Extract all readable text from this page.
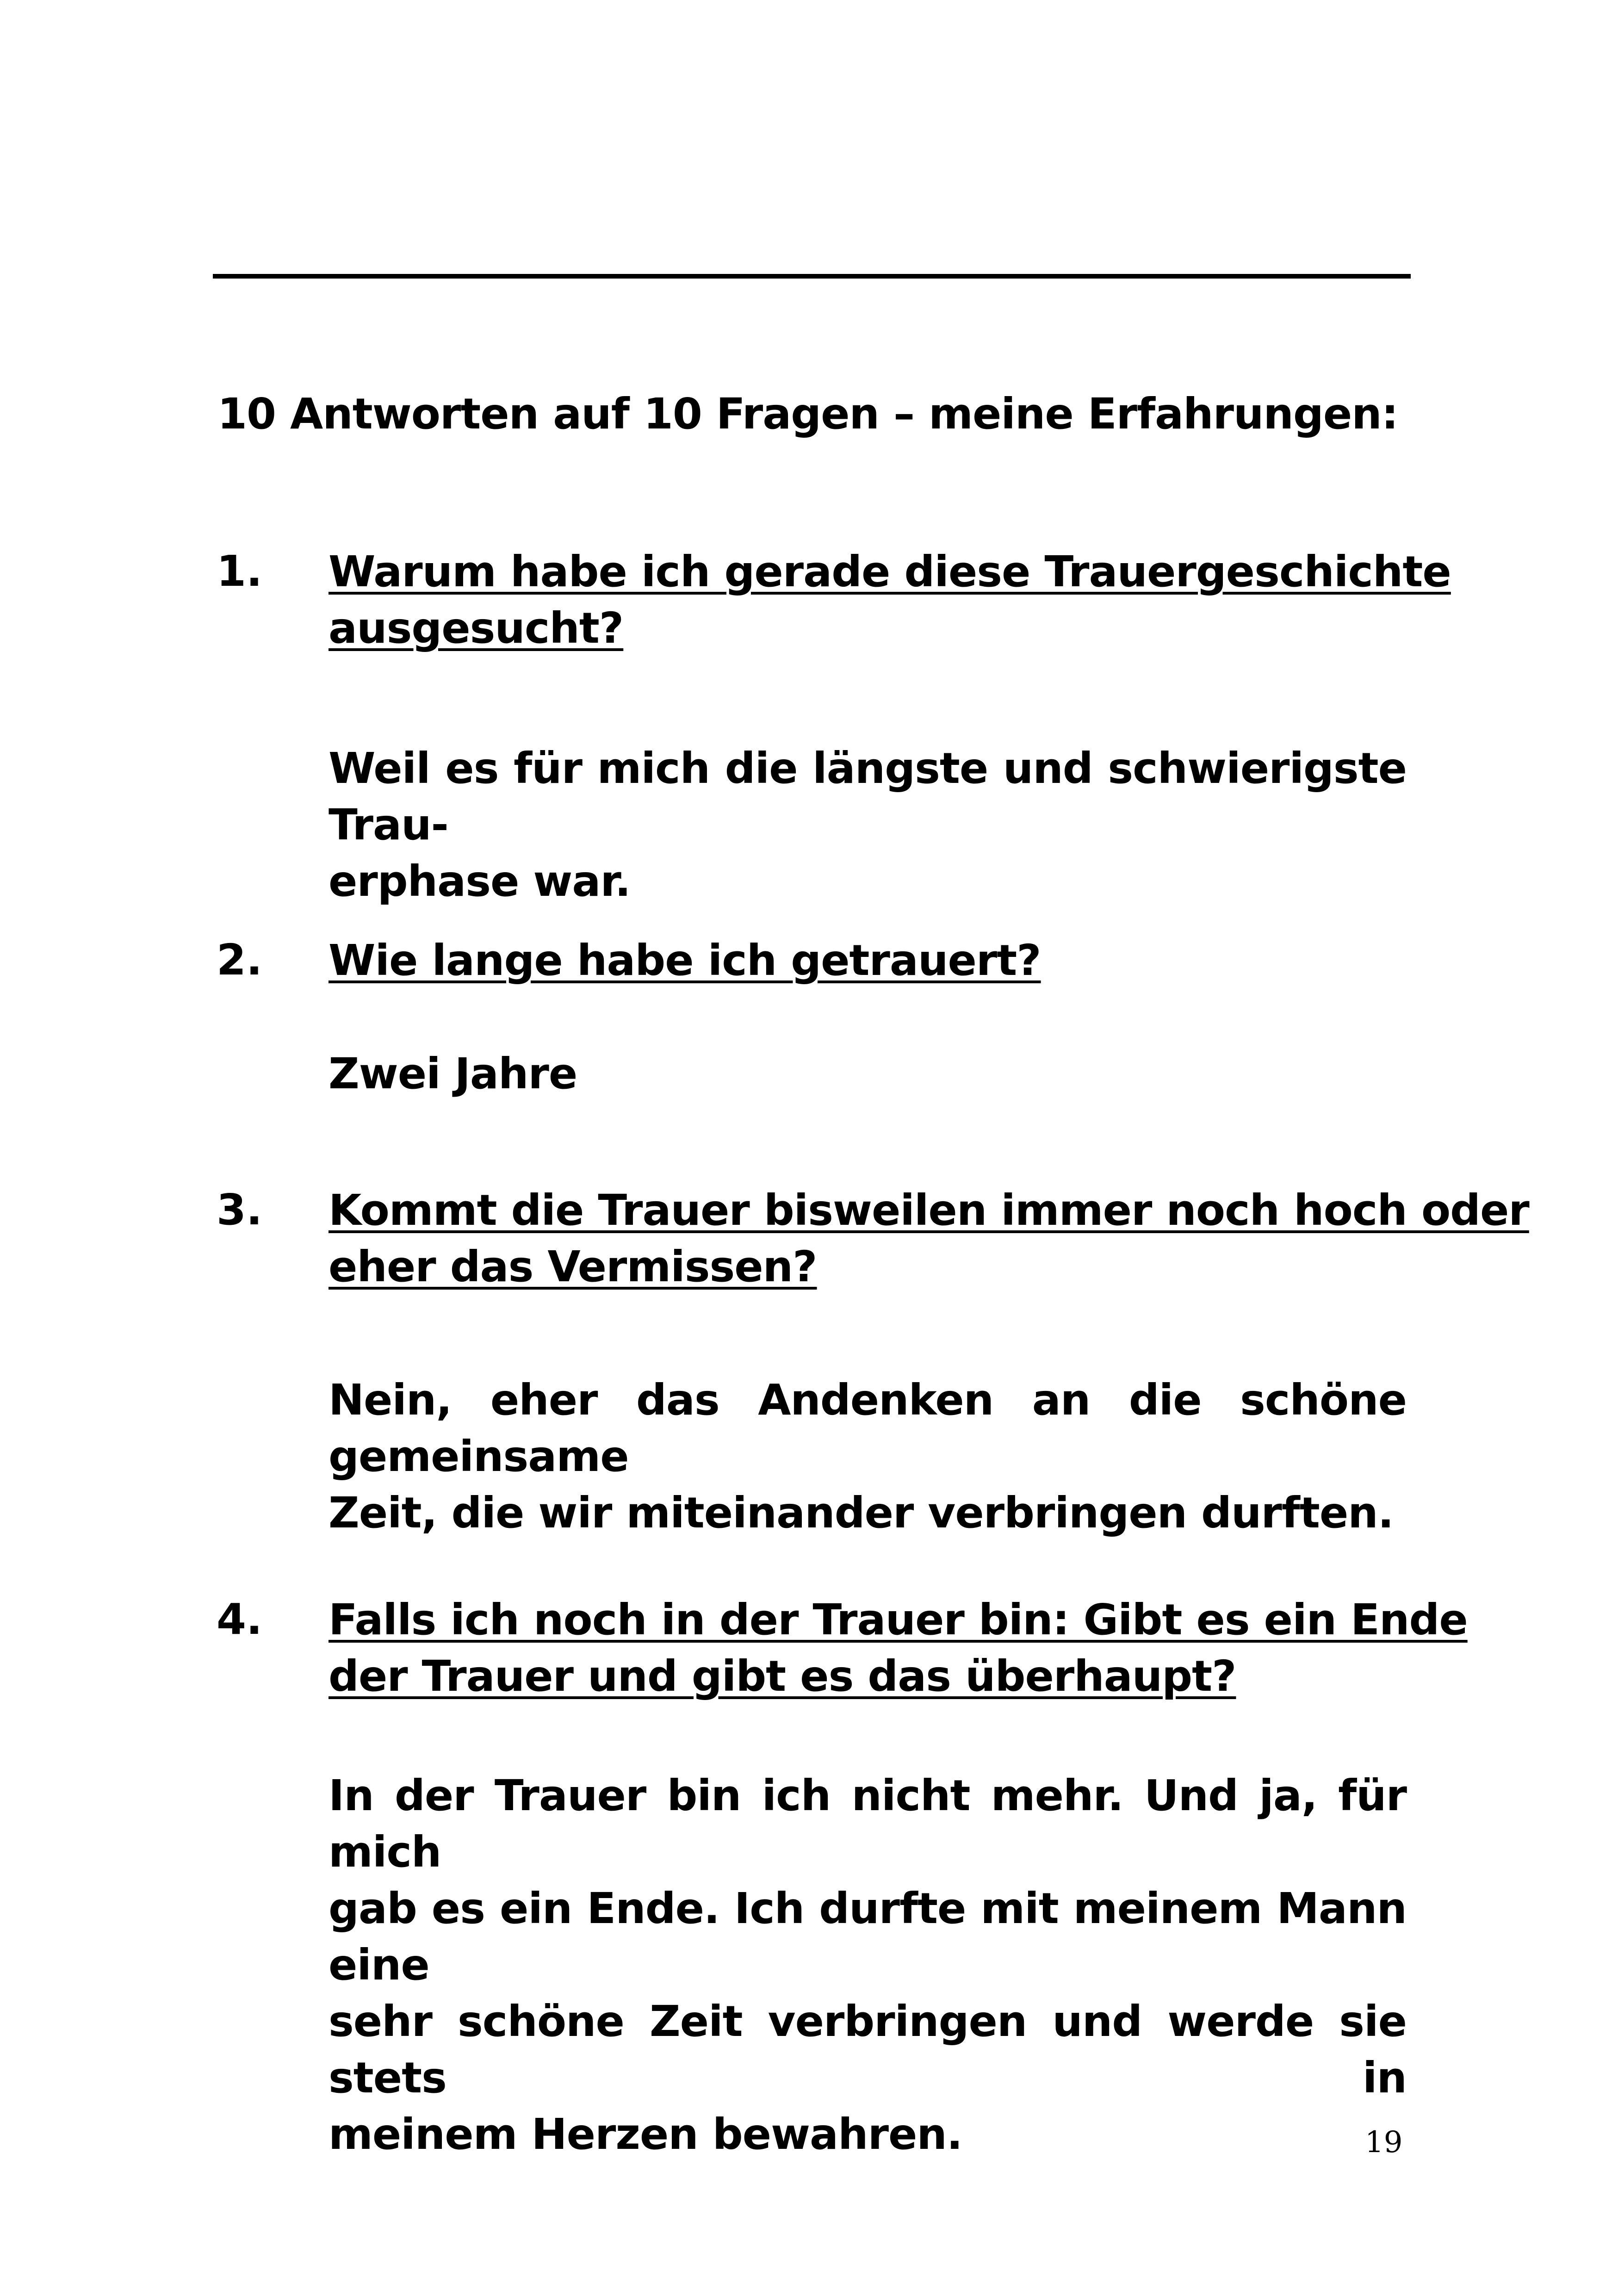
10 Antworten auf 10 Fragen – meine Erfahrungen:
1. Warum habe ich gerade diese Trauergeschichte
ausgesucht?
Weil es für mich die längste und schwierigste Trau-
erphase war.
2. Wie lange habe ich getrauert?
Zwei Jahre
3. Kommt die Trauer bisweilen immer noch hoch oder
eher das Vermissen?
Nein, eher das Andenken an die schöne gemeinsame
Zeit, die wir miteinander verbringen durften.
4. Falls ich noch in der Trauer bin: Gibt es ein Ende
der Trauer und gibt es das überhaupt?
In der Trauer bin ich nicht mehr. Und ja, für mich
gab es ein Ende. Ich durfte mit meinem Mann eine
sehr schöne Zeit verbringen und werde sie stets in
meinem Herzen bewahren.	19
